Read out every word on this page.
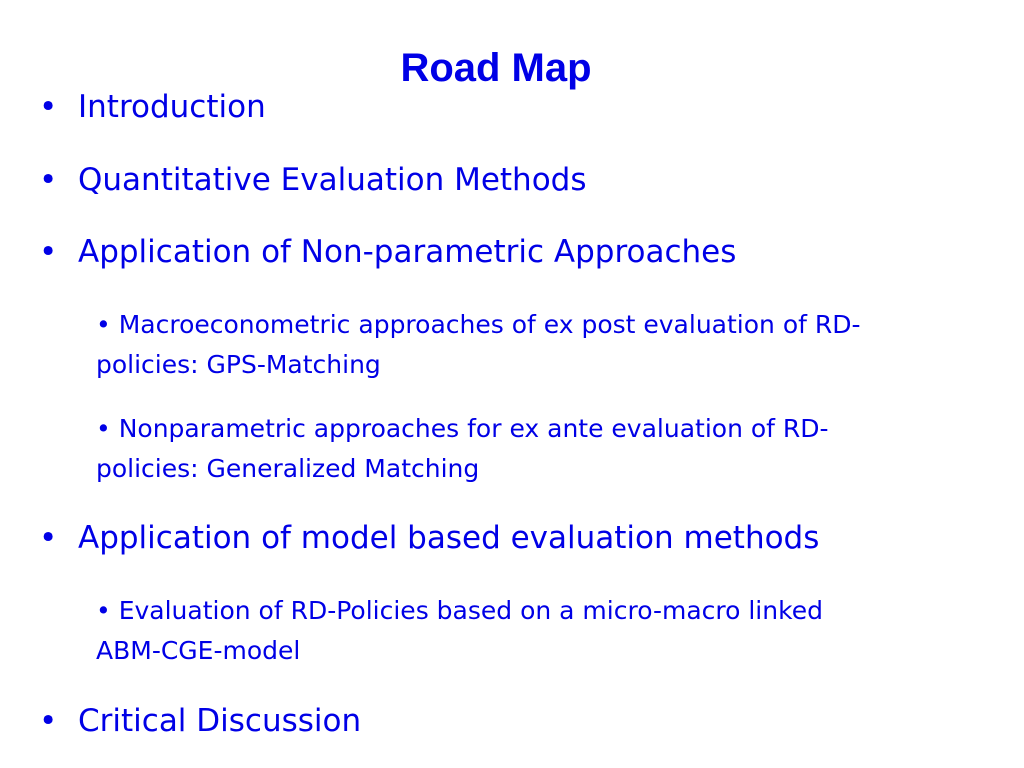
Road Map
• Introduction
• Quantitative Evaluation Methods
• Application of Non-parametric Approaches
• Macroeconometric approaches of ex post evaluation of RD-
policies: GPS-Matching
• Nonparametric approaches for ex ante evaluation of RD-
policies: Generalized Matching
• Application of model based evaluation methods
• Evaluation of RD-Policies based on a micro-macro linked
ABM-CGE-model
• Critical Discussion
